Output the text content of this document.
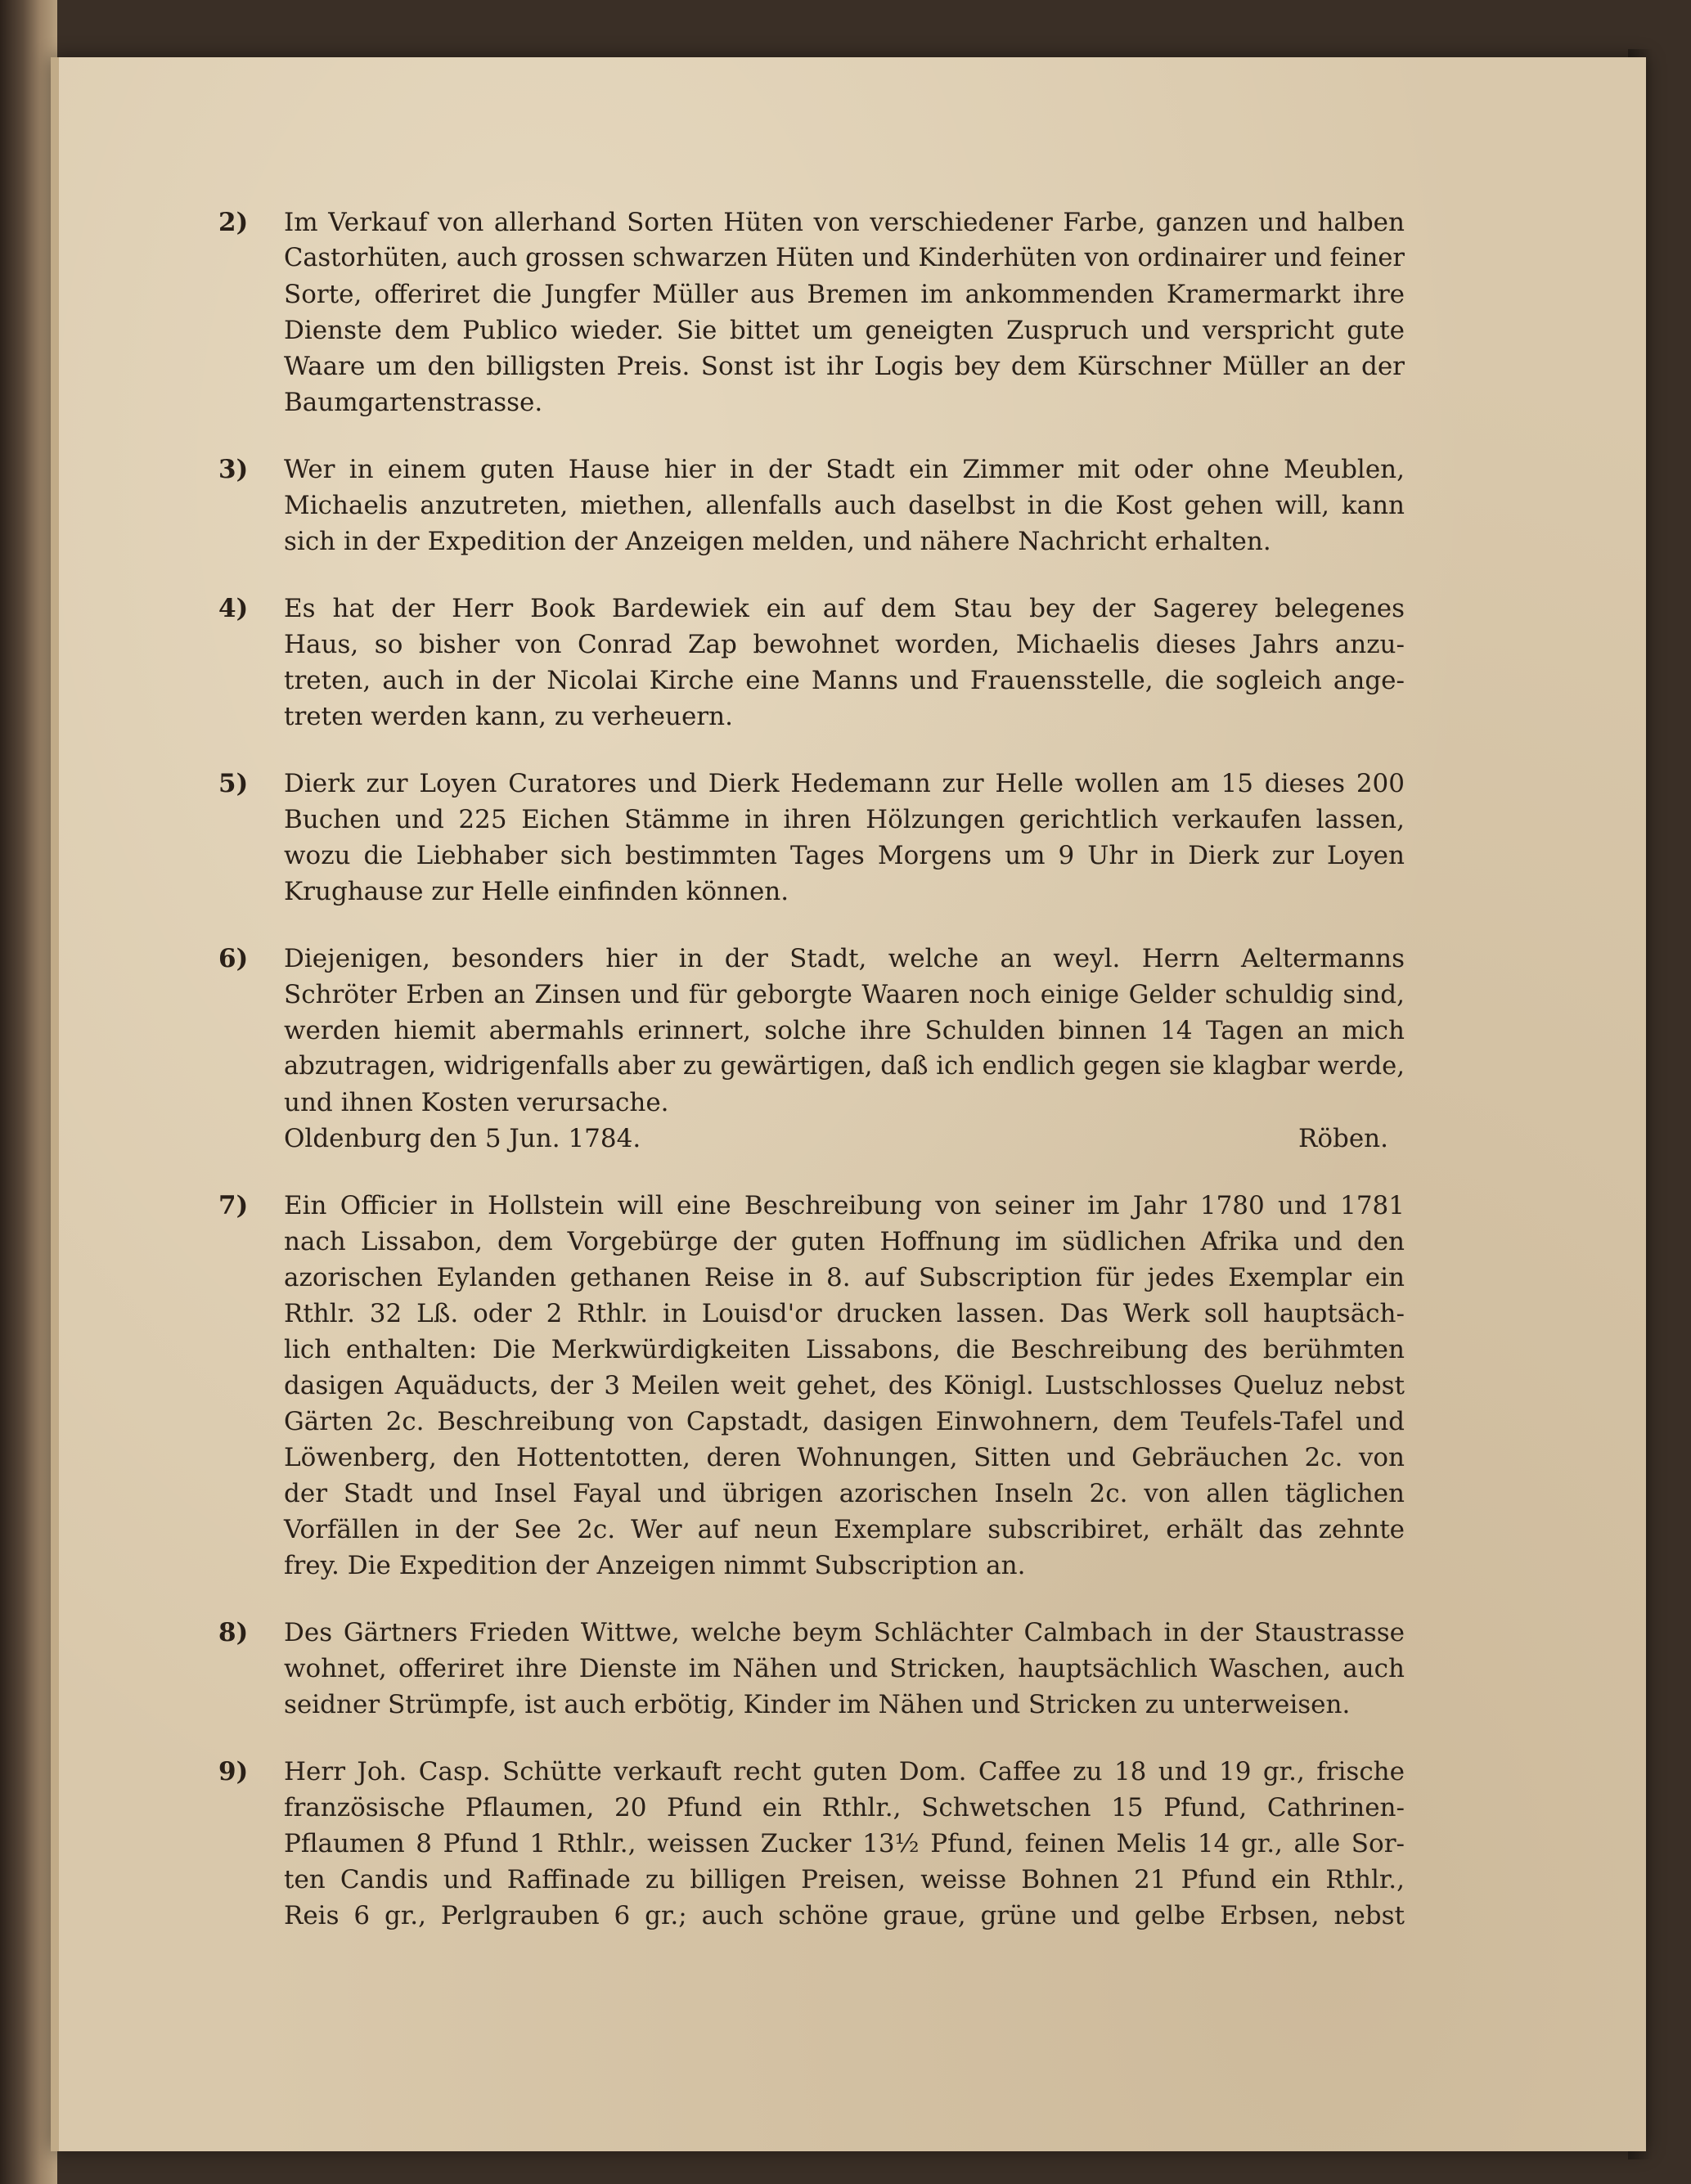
2)	Im Verkauf von allerhand Sorten Hüten von verschiedener Farbe, ganzen und halben
Castorhüten, auch grossen schwarzen Hüten und Kinderhüten von ordinairer und feiner
Sorte, offeriret die Jungfer Müller aus Bremen im ankommenden Kramermarkt ihre
Dienste dem Publico wieder. Sie bittet um geneigten Zuspruch und verspricht gute
Waare um den billigsten Preis. Sonst ist ihr Logis bey dem Kürschner Müller an der
Baumgartenstrasse.
3)	Wer in einem guten Hause hier in der Stadt ein Zimmer mit oder ohne Meublen,
Michaelis anzutreten, miethen, allenfalls auch daselbst in die Kost gehen will, kann
sich in der Expedition der Anzeigen melden, und nähere Nachricht erhalten.
4)	Es hat der Herr Book Bardewiek ein auf dem Stau bey der Sagerey belegenes
Haus, so bisher von Conrad Zap bewohnet worden, Michaelis dieses Jahrs anzu-
treten, auch in der Nicolai Kirche eine Manns und Frauensstelle, die sogleich ange-
treten werden kann, zu verheuern.
5)	Dierk zur Loyen Curatores und Dierk Hedemann zur Helle wollen am 15 dieses 200
Buchen und 225 Eichen Stämme in ihren Hölzungen gerichtlich verkaufen lassen,
wozu die Liebhaber sich bestimmten Tages Morgens um 9 Uhr in Dierk zur Loyen
Krughause zur Helle einfinden können.
6)	Diejenigen, besonders hier in der Stadt, welche an weyl. Herrn Aeltermanns
Schröter Erben an Zinsen und für geborgte Waaren noch einige Gelder schuldig sind,
werden hiemit abermahls erinnert, solche ihre Schulden binnen 14 Tagen an mich
abzutragen, widrigenfalls aber zu gewärtigen, daß ich endlich gegen sie klagbar werde,
und ihnen Kosten verursache.
Oldenburg den 5 Jun. 1784.	Röben.
7)	Ein Officier in Hollstein will eine Beschreibung von seiner im Jahr 1780 und 1781
nach Lissabon, dem Vorgebürge der guten Hoffnung im südlichen Afrika und den
azorischen Eylanden gethanen Reise in 8. auf Subscription für jedes Exemplar ein
Rthlr. 32 Lß. oder 2 Rthlr. in Louisd'or drucken lassen. Das Werk soll hauptsäch-
lich enthalten: Die Merkwürdigkeiten Lissabons, die Beschreibung des berühmten
dasigen Aquäducts, der 3 Meilen weit gehet, des Königl. Lustschlosses Queluz nebst
Gärten 2c. Beschreibung von Capstadt, dasigen Einwohnern, dem Teufels-Tafel und
Löwenberg, den Hottentotten, deren Wohnungen, Sitten und Gebräuchen 2c. von
der Stadt und Insel Fayal und übrigen azorischen Inseln 2c. von allen täglichen
Vorfällen in der See 2c. Wer auf neun Exemplare subscribiret, erhält das zehnte
frey. Die Expedition der Anzeigen nimmt Subscription an.
8)	Des Gärtners Frieden Wittwe, welche beym Schlächter Calmbach in der Staustrasse
wohnet, offeriret ihre Dienste im Nähen und Stricken, hauptsächlich Waschen, auch
seidner Strümpfe, ist auch erbötig, Kinder im Nähen und Stricken zu unterweisen.
9)	Herr Joh. Casp. Schütte verkauft recht guten Dom. Caffee zu 18 und 19 gr., frische
französische Pflaumen, 20 Pfund ein Rthlr., Schwetschen 15 Pfund, Cathrinen-
Pflaumen 8 Pfund 1 Rthlr., weissen Zucker 13½ Pfund, feinen Melis 14 gr., alle Sor-
ten Candis und Raffinade zu billigen Preisen, weisse Bohnen 21 Pfund ein Rthlr.,
Reis 6 gr., Perlgrauben 6 gr.; auch schöne graue, grüne und gelbe Erbsen, nebst
